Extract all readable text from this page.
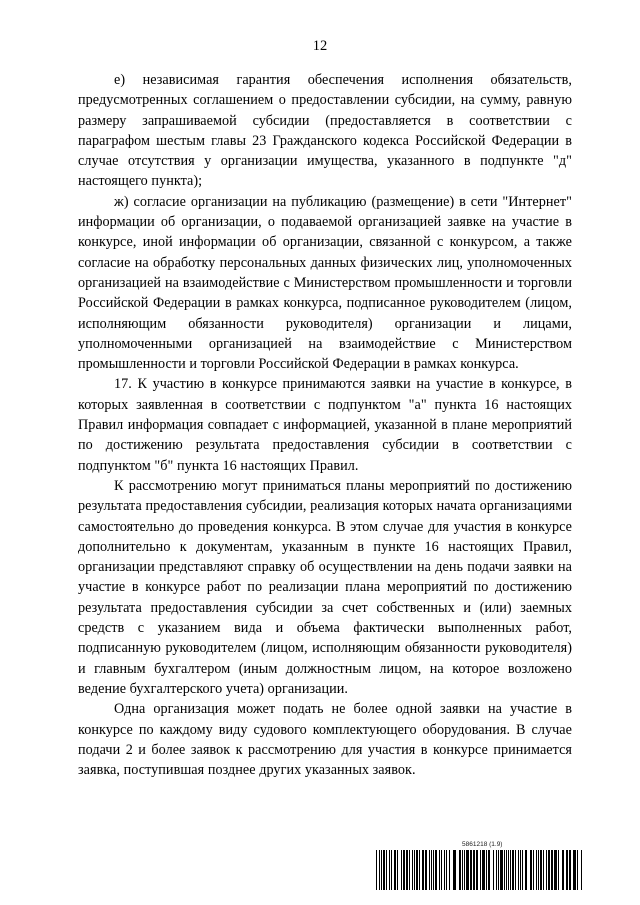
12

е) независимая гарантия обеспечения исполнения обязательств, предусмотренных соглашением о предоставлении субсидии, на сумму, равную размеру запрашиваемой субсидии (предоставляется в соответствии с параграфом шестым главы 23 Гражданского кодекса Российской Федерации в случае отсутствия у организации имущества, указанного в подпункте "д" настоящего пункта);

ж) согласие организации на публикацию (размещение) в сети "Интернет" информации об организации, о подаваемой организацией заявке на участие в конкурсе, иной информации об организации, связанной с конкурсом, а также согласие на обработку персональных данных физических лиц, уполномоченных организацией на взаимодействие с Министерством промышленности и торговли Российской Федерации в рамках конкурса, подписанное руководителем (лицом, исполняющим обязанности руководителя) организации и лицами, уполномоченными организацией на взаимодействие с Министерством промышленности и торговли Российской Федерации в рамках конкурса.

17. К участию в конкурсе принимаются заявки на участие в конкурсе, в которых заявленная в соответствии с подпунктом "а" пункта 16 настоящих Правил информация совпадает с информацией, указанной в плане мероприятий по достижению результата предоставления субсидии в соответствии с подпунктом "б" пункта 16 настоящих Правил.

К рассмотрению могут приниматься планы мероприятий по достижению результата предоставления субсидии, реализация которых начата организациями самостоятельно до проведения конкурса. В этом случае для участия в конкурсе дополнительно к документам, указанным в пункте 16 настоящих Правил, организации представляют справку об осуществлении на день подачи заявки на участие в конкурсе работ по реализации плана мероприятий по достижению результата предоставления субсидии за счет собственных и (или) заемных средств с указанием вида и объема фактически выполненных работ, подписанную руководителем (лицом, исполняющим обязанности руководителя) и главным бухгалтером (иным должностным лицом, на которое возложено ведение бухгалтерского учета) организации.

Одна организация может подать не более одной заявки на участие в конкурсе по каждому виду судового комплектующего оборудования. В случае подачи 2 и более заявок к рассмотрению для участия в конкурсе принимается заявка, поступившая позднее других указанных заявок.

5861218 (1.9)
